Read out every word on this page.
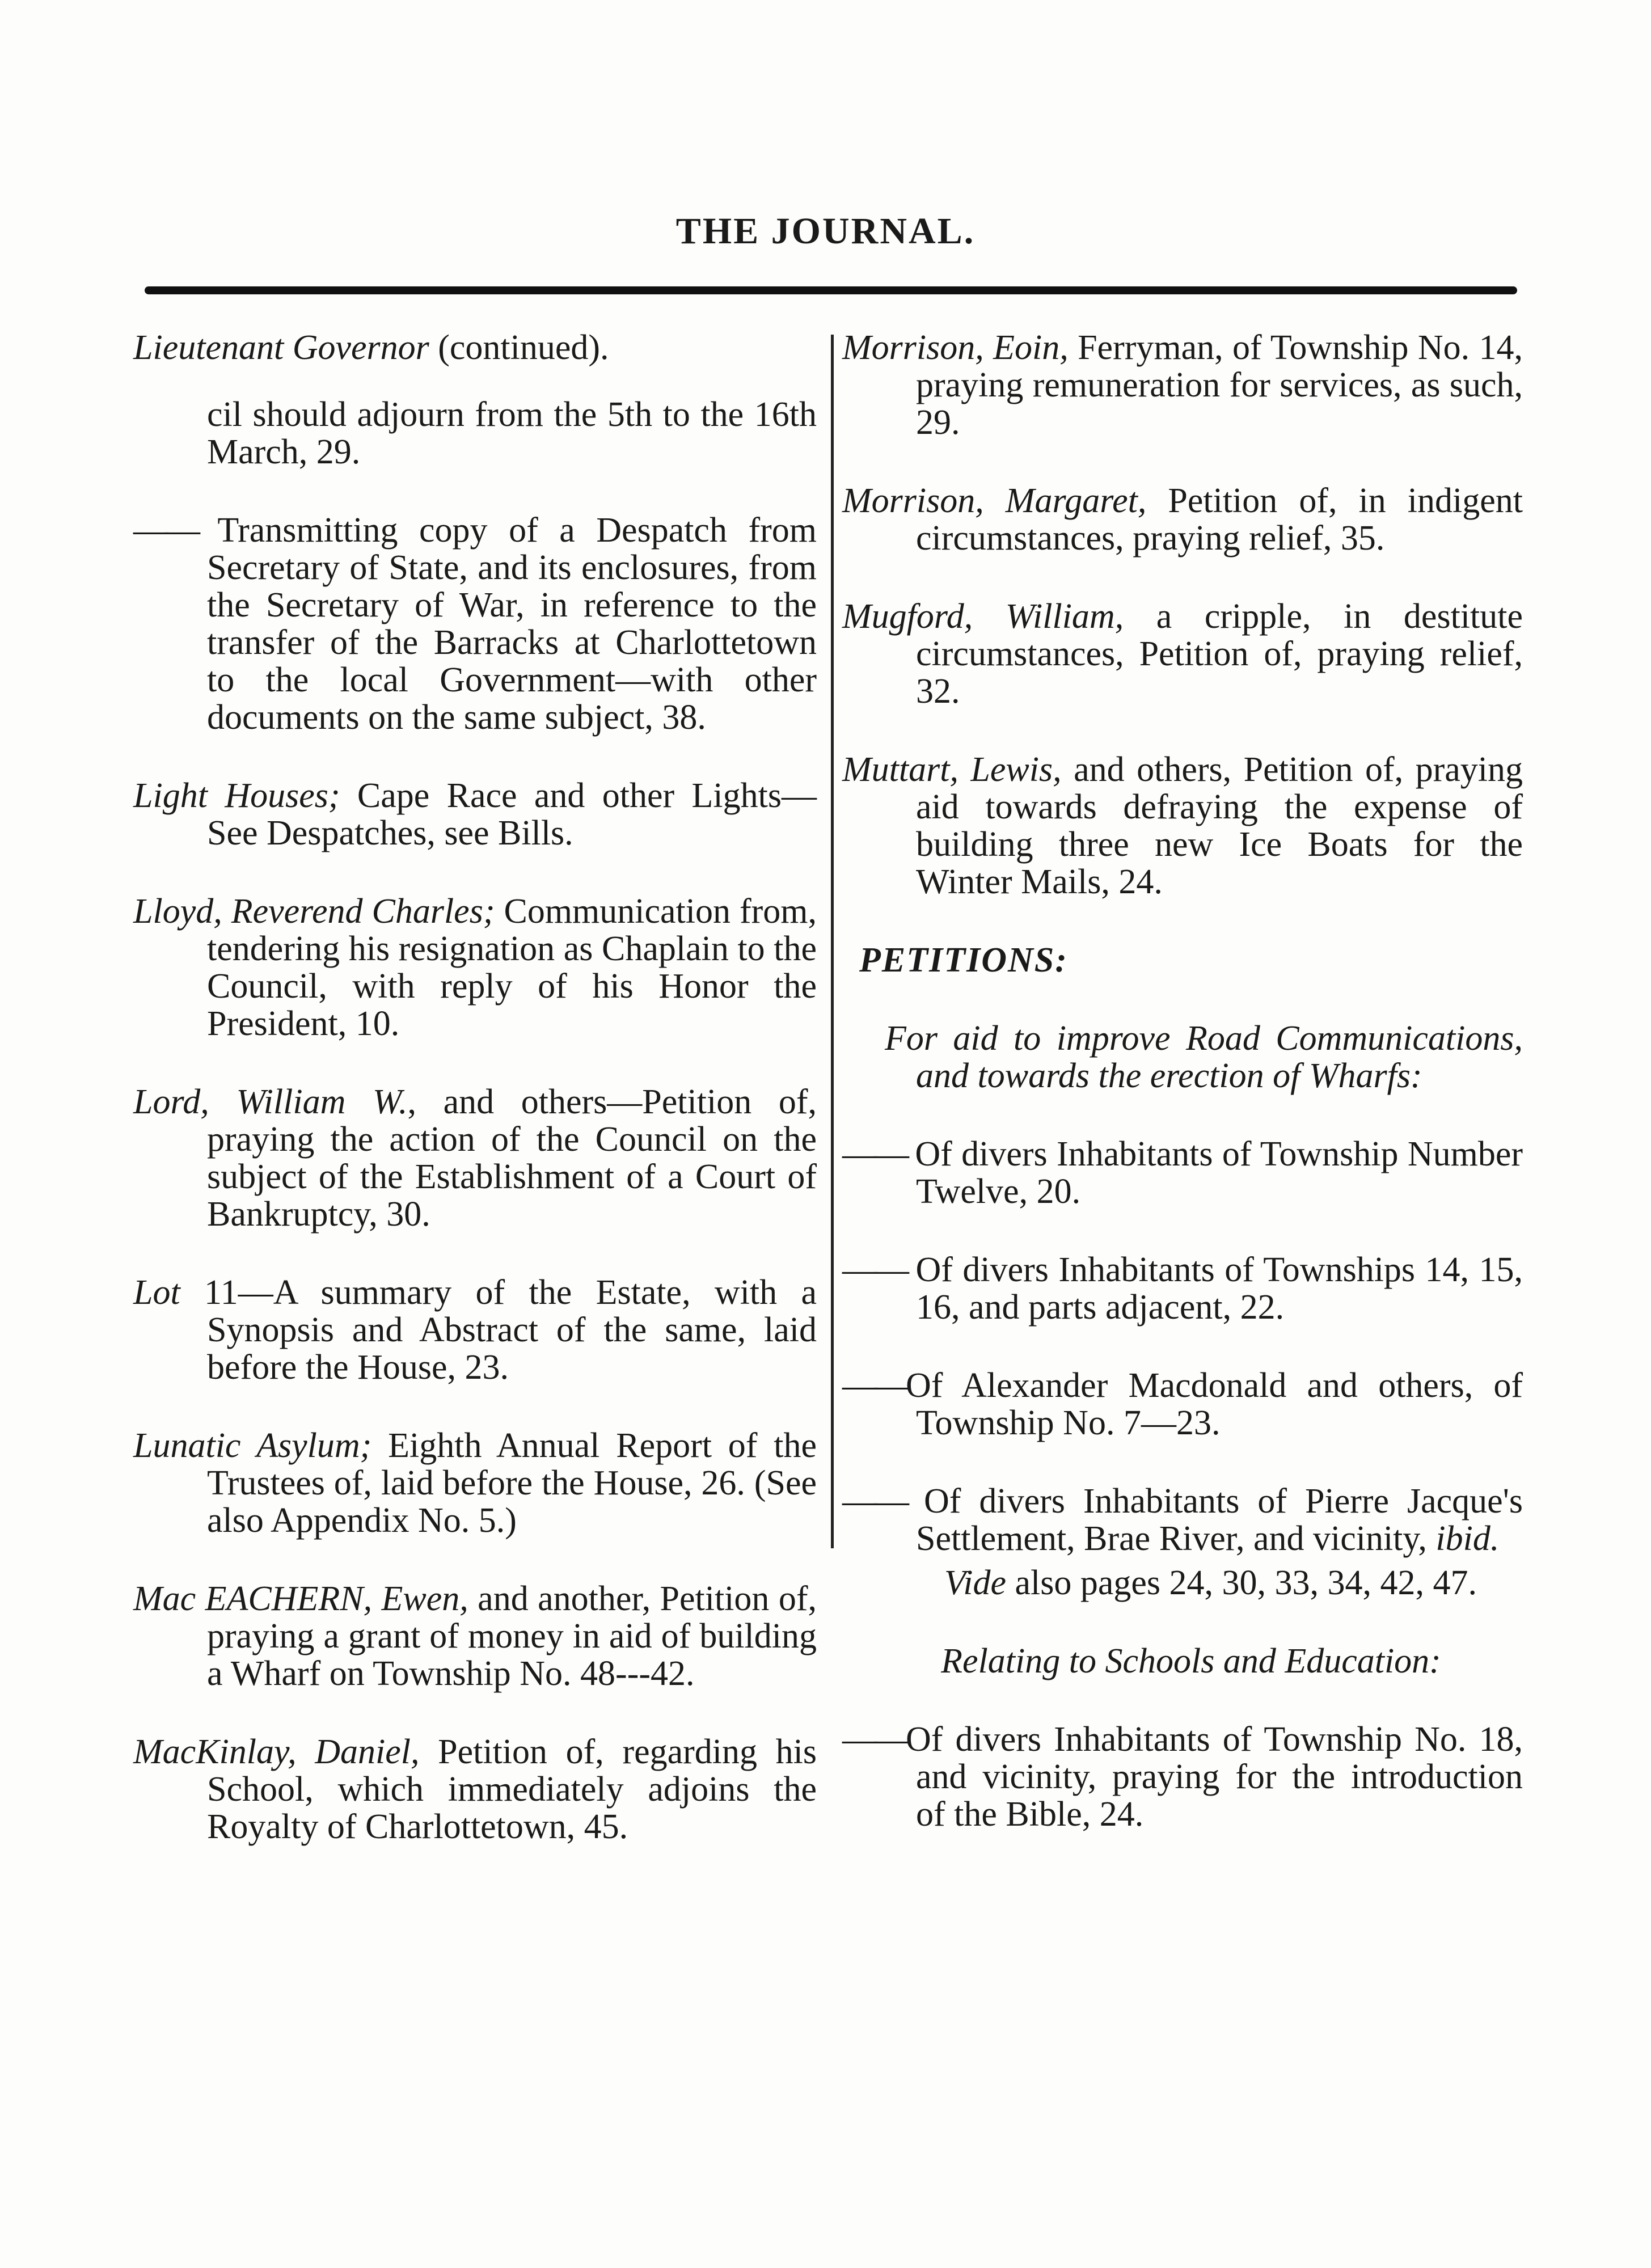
THE JOURNAL.
Lieutenant Governor (continued).
cil should adjourn from the 5th to the 16th March, 29.
—— Transmitting copy of a Despatch from Secretary of State, and its enclosures, from the Secretary of War, in reference to the transfer of the Barracks at Charlottetown to the local Government—with other documents on the same subject, 38.
Light Houses; Cape Race and other Lights—See Despatches, see Bills.
Lloyd, Reverend Charles; Communication from, tendering his resignation as Chaplain to the Council, with reply of his Honor the President, 10.
Lord, William W., and others—Petition of, praying the action of the Council on the subject of the Establishment of a Court of Bankruptcy, 30.
Lot 11—A summary of the Estate, with a Synopsis and Abstract of the same, laid before the House, 23.
Lunatic Asylum; Eighth Annual Report of the Trustees of, laid before the House, 26. (See also Appendix No. 5.)
Mac EACHERN, Ewen, and another, Petition of, praying a grant of money in aid of building a Wharf on Township No. 48---42.
MacKinlay, Daniel, Petition of, regarding his School, which immediately adjoins the Royalty of Charlottetown, 45.
Morrison, Eoin, Ferryman, of Township No. 14, praying remuneration for services, as such, 29.
Morrison, Margaret, Petition of, in indigent circumstances, praying relief, 35.
Mugford, William, a cripple, in destitute circumstances, Petition of, praying relief, 32.
Muttart, Lewis, and others, Petition of, praying aid towards defraying the expense of building three new Ice Boats for the Winter Mails, 24.
PETITIONS:
For aid to improve Road Communications, and towards the erection of Wharfs:
—— Of divers Inhabitants of Township Number Twelve, 20.
—— Of divers Inhabitants of Townships 14, 15, 16, and parts adjacent, 22.
——Of Alexander Macdonald and others, of Township No. 7—23.
—— Of divers Inhabitants of Pierre Jacque's Settlement, Brae River, and vicinity, ibid.
Vide also pages 24, 30, 33, 34, 42, 47.
Relating to Schools and Education:
——Of divers Inhabitants of Township No. 18, and vicinity, praying for the introduction of the Bible, 24.
